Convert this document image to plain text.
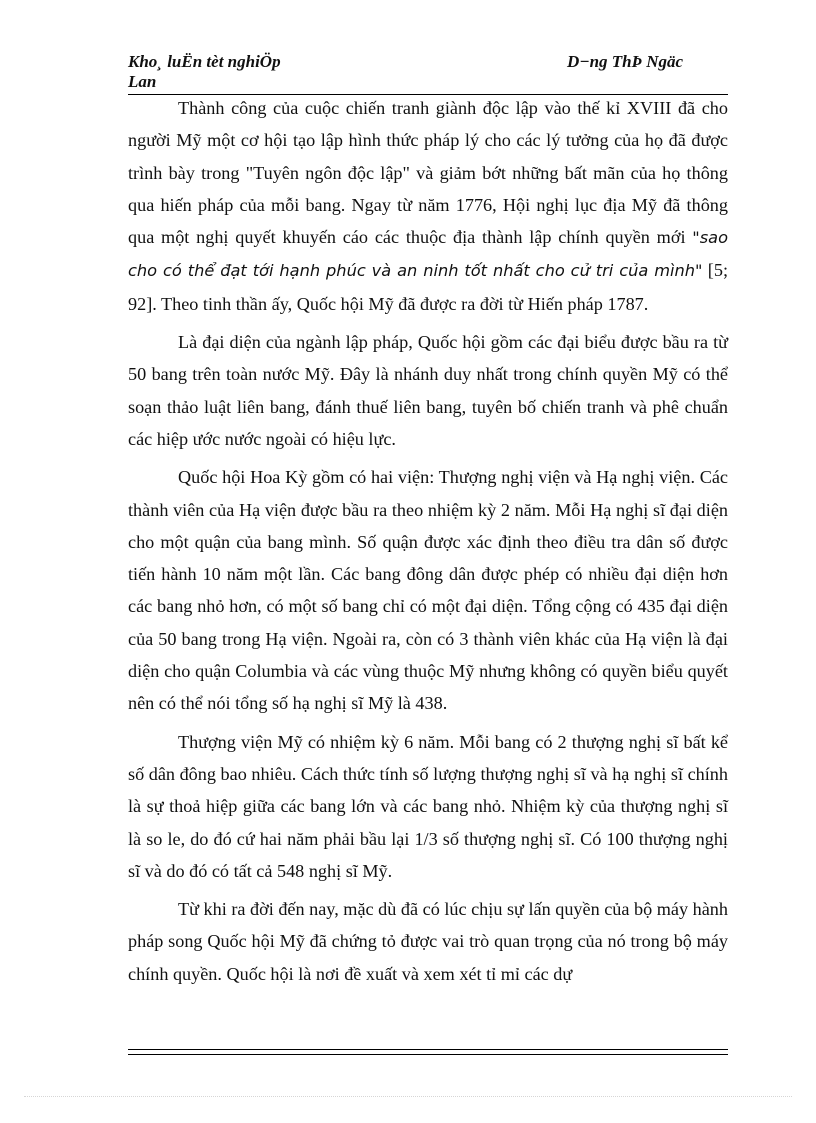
Kho¸ luËn tèt nghiÖp	D−ng ThÞ Ngäc
Lan

Thành công của cuộc chiến tranh giành độc lập vào thế kỉ XVIII đã cho người Mỹ một cơ hội tạo lập hình thức pháp lý cho các lý tưởng của họ đã được trình bày trong "Tuyên ngôn độc lập" và giảm bớt những bất mãn của họ thông qua hiến pháp của mỗi bang. Ngay từ năm 1776, Hội nghị lục địa Mỹ đã thông qua một nghị quyết khuyến cáo các thuộc địa thành lập chính quyền mới "sao cho có thể đạt tới hạnh phúc và an ninh tốt nhất cho cử tri của mình" [5; 92]. Theo tinh thần ấy, Quốc hội Mỹ đã được ra đời từ Hiến pháp 1787.

Là đại diện của ngành lập pháp, Quốc hội gồm các đại biểu được bầu ra từ 50 bang trên toàn nước Mỹ. Đây là nhánh duy nhất trong chính quyền Mỹ có thể soạn thảo luật liên bang, đánh thuế liên bang, tuyên bố chiến tranh và phê chuẩn các hiệp ước nước ngoài có hiệu lực.

Quốc hội Hoa Kỳ gồm có hai viện: Thượng nghị viện và Hạ nghị viện. Các thành viên của Hạ viện được bầu ra theo nhiệm kỳ 2 năm. Mỗi Hạ nghị sĩ đại diện cho một quận của bang mình. Số quận được xác định theo điều tra dân số được tiến hành 10 năm một lần. Các bang đông dân được phép có nhiều đại diện hơn các bang nhỏ hơn, có một số bang chỉ có một đại diện. Tổng cộng có 435 đại diện của 50 bang trong Hạ viện. Ngoài ra, còn có 3 thành viên khác của Hạ viện là đại diện cho quận Columbia và các vùng thuộc Mỹ nhưng không có quyền biểu quyết nên có thể nói tổng số hạ nghị sĩ Mỹ là 438.

Thượng viện Mỹ có nhiệm kỳ 6 năm. Mỗi bang có 2 thượng nghị sĩ bất kể số dân đông bao nhiêu. Cách thức tính số lượng thượng nghị sĩ và hạ nghị sĩ chính là sự thoả hiệp giữa các bang lớn và các bang nhỏ. Nhiệm kỳ của thượng nghị sĩ là so le, do đó cứ hai năm phải bầu lại 1/3 số thượng nghị sĩ. Có 100 thượng nghị sĩ và do đó có tất cả 548 nghị sĩ Mỹ.

Từ khi ra đời đến nay, mặc dù đã có lúc chịu sự lấn quyền của bộ máy hành pháp song Quốc hội Mỹ đã chứng tỏ được vai trò quan trọng của nó trong bộ máy chính quyền. Quốc hội là nơi đề xuất và xem xét tỉ mỉ các dự
